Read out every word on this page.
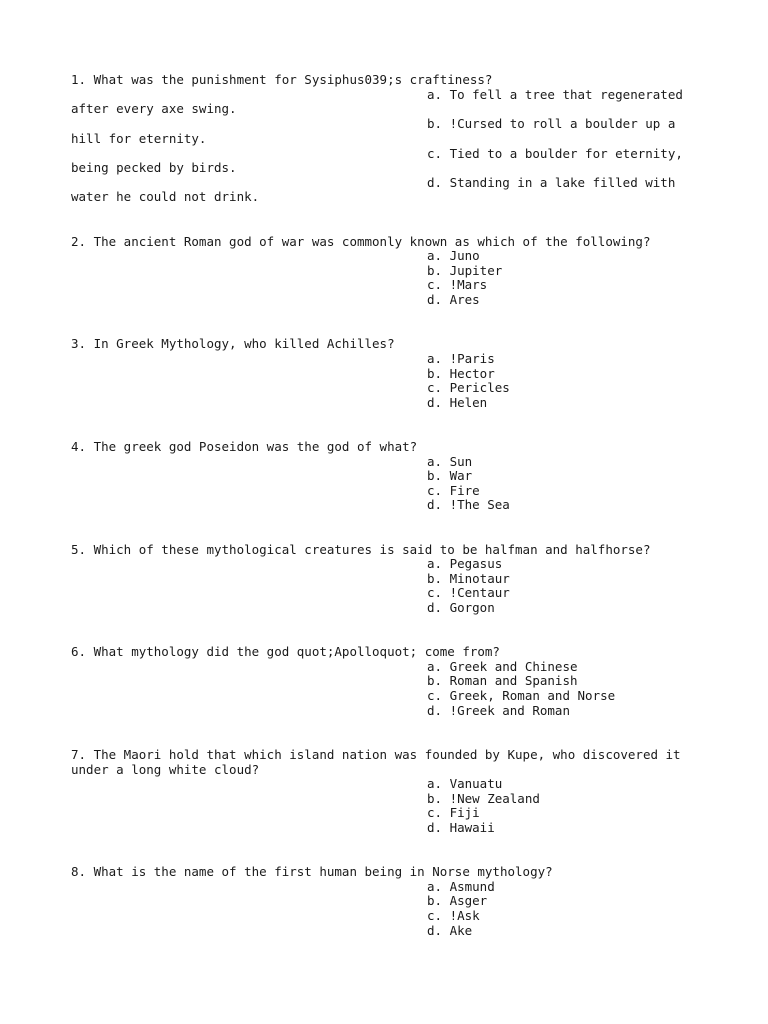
1. What was the punishment for Sysiphus039;s craftiness?
a. To fell a tree that regenerated
after every axe swing.
b. !Cursed to roll a boulder up a
hill for eternity.
c. Tied to a boulder for eternity,
being pecked by birds.
d. Standing in a lake filled with
water he could not drink.
2. The ancient Roman god of war was commonly known as which of the following?
a. Juno
b. Jupiter
c. !Mars
d. Ares
3. In Greek Mythology, who killed Achilles?
a. !Paris
b. Hector
c. Pericles
d. Helen
4. The greek god Poseidon was the god of what?
a. Sun
b. War
c. Fire
d. !The Sea
5. Which of these mythological creatures is said to be halfman and halfhorse?
a. Pegasus
b. Minotaur
c. !Centaur
d. Gorgon
6. What mythology did the god quot;Apolloquot; come from?
a. Greek and Chinese
b. Roman and Spanish
c. Greek, Roman and Norse
d. !Greek and Roman
7. The Maori hold that which island nation was founded by Kupe, who discovered it
under a long white cloud?
a. Vanuatu
b. !New Zealand
c. Fiji
d. Hawaii
8. What is the name of the first human being in Norse mythology?
a. Asmund
b. Asger
c. !Ask
d. Ake
